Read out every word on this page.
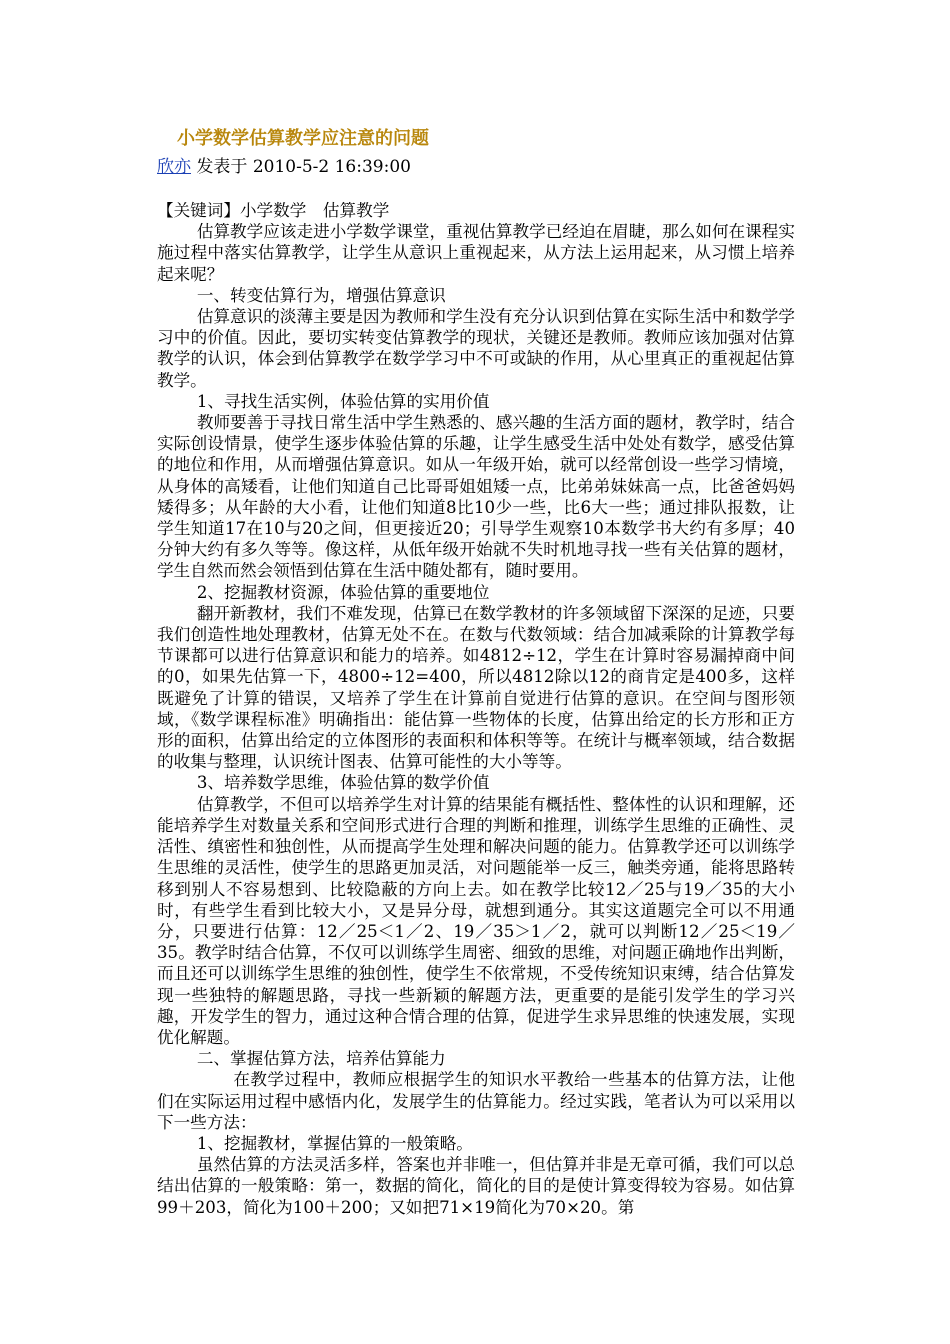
小学数学估算教学应注意的问题
欣亦 发表于 2010-5-2 16:39:00

【关键词】小学数学　估算教学

估算教学应该走进小学数学课堂，重视估算教学已经迫在眉睫，那么如何在课程实施过程中落实估算教学，让学生从意识上重视起来，从方法上运用起来，从习惯上培养起来呢？

一、转变估算行为，增强估算意识

估算意识的淡薄主要是因为教师和学生没有充分认识到估算在实际生活中和数学学习中的价值。因此，要切实转变估算教学的现状，关键还是教师。教师应该加强对估算教学的认识，体会到估算教学在数学学习中不可或缺的作用，从心里真正的重视起估算教学。

1、寻找生活实例，体验估算的实用价值

教师要善于寻找日常生活中学生熟悉的、感兴趣的生活方面的题材，教学时，结合实际创设情景，使学生逐步体验估算的乐趣，让学生感受生活中处处有数学，感受估算的地位和作用，从而增强估算意识。如从一年级开始，就可以经常创设一些学习情境，从身体的高矮看，让他们知道自己比哥哥姐姐矮一点，比弟弟妹妹高一点，比爸爸妈妈矮得多；从年龄的大小看，让他们知道8比10少一些，比6大一些；通过排队报数，让学生知道17在10与20之间，但更接近20；引导学生观察10本数学书大约有多厚；40分钟大约有多久等等。像这样，从低年级开始就不失时机地寻找一些有关估算的题材，学生自然而然会领悟到估算在生活中随处都有，随时要用。

2、挖掘教材资源，体验估算的重要地位

翻开新教材，我们不难发现，估算已在数学教材的许多领域留下深深的足迹，只要我们创造性地处理教材，估算无处不在。在数与代数领域：结合加减乘除的计算教学每节课都可以进行估算意识和能力的培养。如4812÷12，学生在计算时容易漏掉商中间的0，如果先估算一下，4800÷12=400，所以4812除以12的商肯定是400多，这样既避免了计算的错误，又培养了学生在计算前自觉进行估算的意识。在空间与图形领域，《数学课程标准》明确指出：能估算一些物体的长度，估算出给定的长方形和正方形的面积，估算出给定的立体图形的表面积和体积等等。在统计与概率领域，结合数据的收集与整理，认识统计图表、估算可能性的大小等等。

3、培养数学思维，体验估算的数学价值

估算教学，不但可以培养学生对计算的结果能有概括性、整体性的认识和理解，还能培养学生对数量关系和空间形式进行合理的判断和推理，训练学生思维的正确性、灵活性、缜密性和独创性，从而提高学生处理和解决问题的能力。估算教学还可以训练学生思维的灵活性，使学生的思路更加灵活，对问题能举一反三，触类旁通，能将思路转移到别人不容易想到、比较隐蔽的方向上去。如在教学比较12／25与19／35的大小时，有些学生看到比较大小，又是异分母，就想到通分。其实这道题完全可以不用通分，只要进行估算：12／25＜1／2、19／35＞1／2，就可以判断12／25＜19／35。教学时结合估算，不仅可以训练学生周密、细致的思维，对问题正确地作出判断，而且还可以训练学生思维的独创性，使学生不依常规，不受传统知识束缚，结合估算发现一些独特的解题思路，寻找一些新颖的解题方法，更重要的是能引发学生的学习兴趣，开发学生的智力，通过这种合情合理的估算，促进学生求异思维的快速发展，实现优化解题。

二、掌握估算方法，培养估算能力

在教学过程中，教师应根据学生的知识水平教给一些基本的估算方法，让他们在实际运用过程中感悟内化，发展学生的估算能力。经过实践，笔者认为可以采用以下一些方法：

1、挖掘教材，掌握估算的一般策略。

虽然估算的方法灵活多样，答案也并非唯一，但估算并非是无章可循，我们可以总结出估算的一般策略：第一，数据的简化，简化的目的是使计算变得较为容易。如估算99＋203，简化为100＋200；又如把71×19简化为70×20。第
